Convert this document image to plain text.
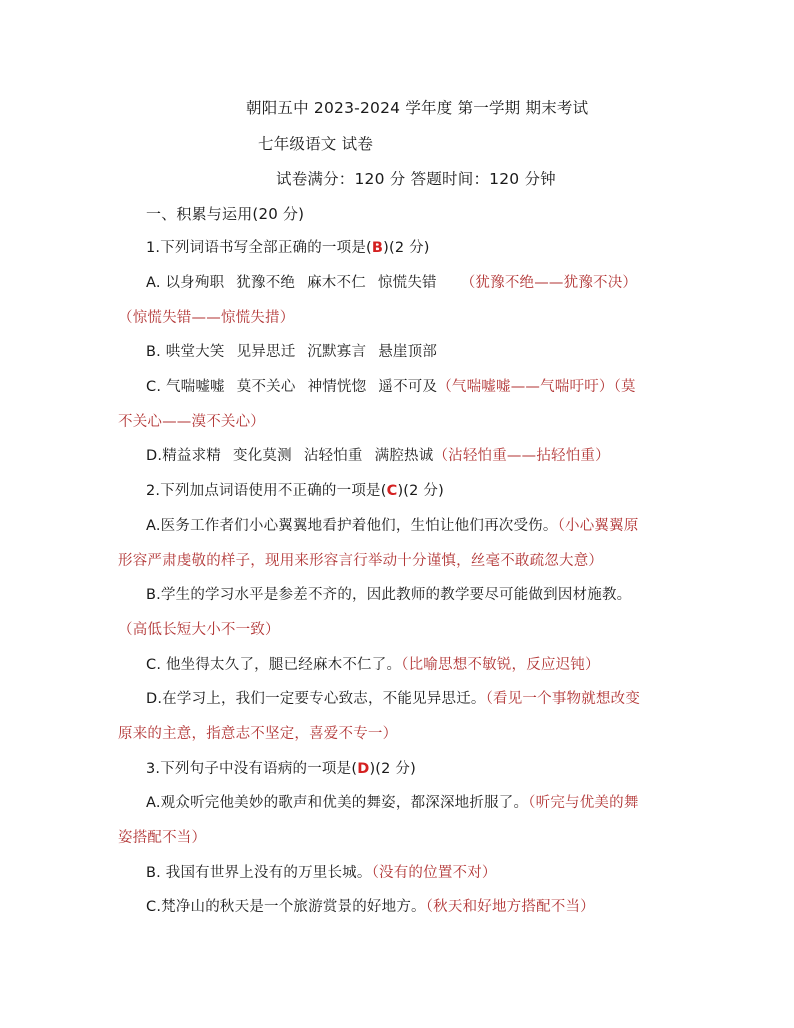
朝阳五中 2023-2024 学年度 第一学期 期末考试
七年级语文 试卷
试卷满分：120 分 答题时间：120 分钟
一、积累与运用(20 分)
1.下列词语书写全部正确的一项是(B)(2 分)
A. 以身殉职 犹豫不绝 麻木不仁 惊慌失错 （犹豫不绝——犹豫不决）
（惊慌失错——惊慌失措）
B. 哄堂大笑 见异思迁 沉默寡言 悬崖顶部
C. 气喘嘘嘘 莫不关心 神情恍惚 遥不可及（气喘嘘嘘——气喘吁吁）（莫
不关心——漠不关心）
D.精益求精 变化莫测 沾轻怕重 满腔热诚（沾轻怕重——拈轻怕重）
2.下列加点词语使用不正确的一项是(C)(2 分)
A.医务工作者们小心翼翼地看护着他们，生怕让他们再次受伤。（小心翼翼原
形容严肃虔敬的样子，现用来形容言行举动十分谨慎，丝毫不敢疏忽大意）
B.学生的学习水平是参差不齐的，因此教师的教学要尽可能做到因材施教。
（高低长短大小不一致）
C. 他坐得太久了，腿已经麻木不仁了。（比喻思想不敏锐，反应迟钝）
D.在学习上，我们一定要专心致志，不能见异思迁。（看见一个事物就想改变
原来的主意，指意志不坚定，喜爱不专一）
3.下列句子中没有语病的一项是(D)(2 分)
A.观众听完他美妙的歌声和优美的舞姿，都深深地折服了。（听完与优美的舞
姿搭配不当）
B. 我国有世界上没有的万里长城。（没有的位置不对）
C.梵净山的秋天是一个旅游赏景的好地方。（秋天和好地方搭配不当）
